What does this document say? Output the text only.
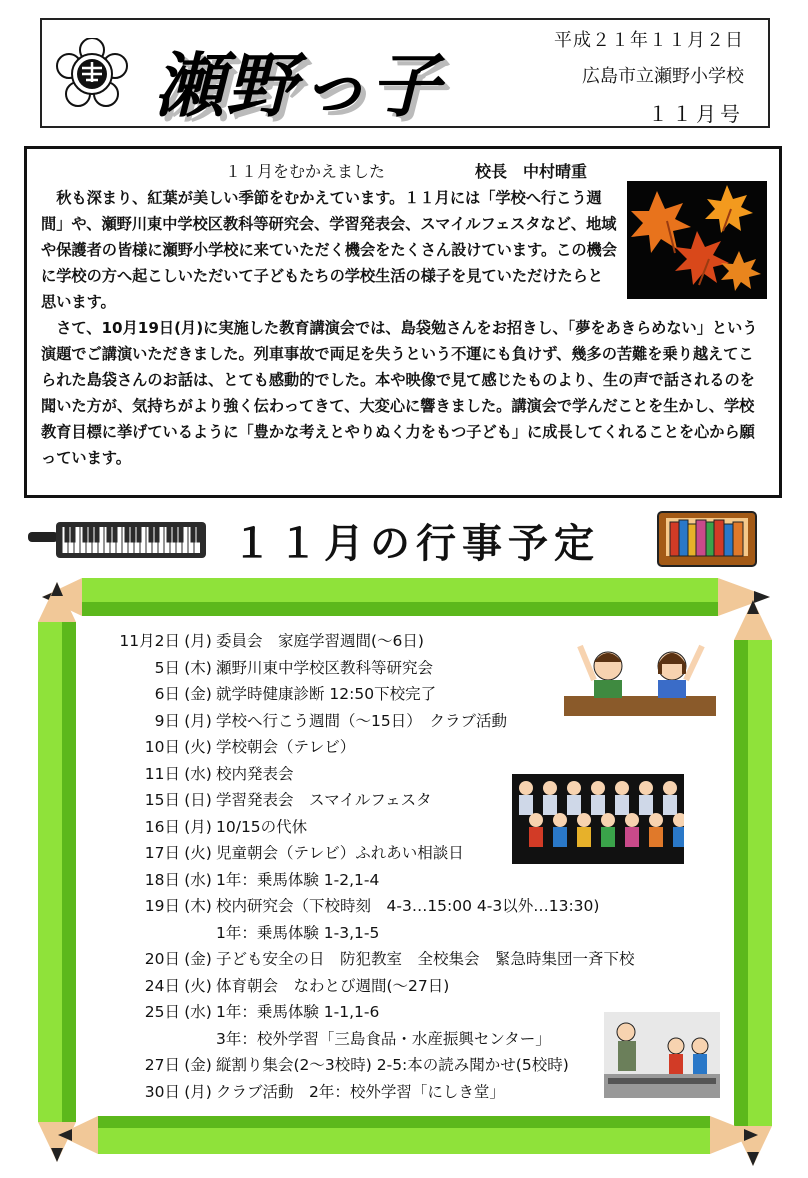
瀬野っ子
平成２１年１１月２日
広島市立瀬野小学校
１１月号
１１月をむかえました	校長　中村晴重

　秋も深まり、紅葉が美しい季節をむかえています。１１月には「学校へ行こう週間」や、瀬野川東中学校区教科等研究会、学習発表会、スマイルフェスタなど、地域や保護者の皆様に瀬野小学校に来ていただく機会をたくさん設けています。この機会に学校の方へ起こしいただいて子どもたちの学校生活の様子を見ていただけたらと思います。

　さて、10月19日(月)に実施した教育講演会では、島袋勉さんをお招きし、「夢をあきらめない」という演題でご講演いただきました。列車事故で両足を失うという不運にも負けず、幾多の苦難を乗り越えてこられた島袋さんのお話は、とても感動的でした。本や映像で見て感じたものより、生の声で話されるのを聞いた方が、気持ちがより強く伝わってきて、大変心に響きました。講演会で学んだことを生かし、学校教育目標に挙げているように「豊かな考えとやりぬく力をもつ子ども」に成長してくれることを心から願っています。

１１月の行事予定
11月2日 (月) 委員会　家庭学習週間(～6日)
5日 (木) 瀬野川東中学校区教科等研究会
6日 (金) 就学時健康診断 12:50下校完了
9日 (月) 学校へ行こう週間（～15日）　クラブ活動
10日 (火) 学校朝会（テレビ）
11日 (水) 校内発表会
15日 (日) 学習発表会　スマイルフェスタ
16日 (月) 10/15の代休
17日 (火) 児童朝会（テレビ）ふれあい相談日
18日 (水) 1年：乗馬体験 1-2,1-4
19日 (木) 校内研究会（下校時刻　4-3…15:00 4-3以外…13:30)
1年：乗馬体験 1-3,1-5
20日 (金) 子ども安全の日　防犯教室　全校集会　緊急時集団一斉下校
24日 (火) 体育朝会　なわとび週間(～27日)
25日 (水) 1年：乗馬体験 1-1,1-6
3年：校外学習「三島食品・水産振興センター」
27日 (金) 縦割り集会(2～3校時) 2-5:本の読み聞かせ(5校時)
30日 (月) クラブ活動　2年：校外学習「にしき堂」
